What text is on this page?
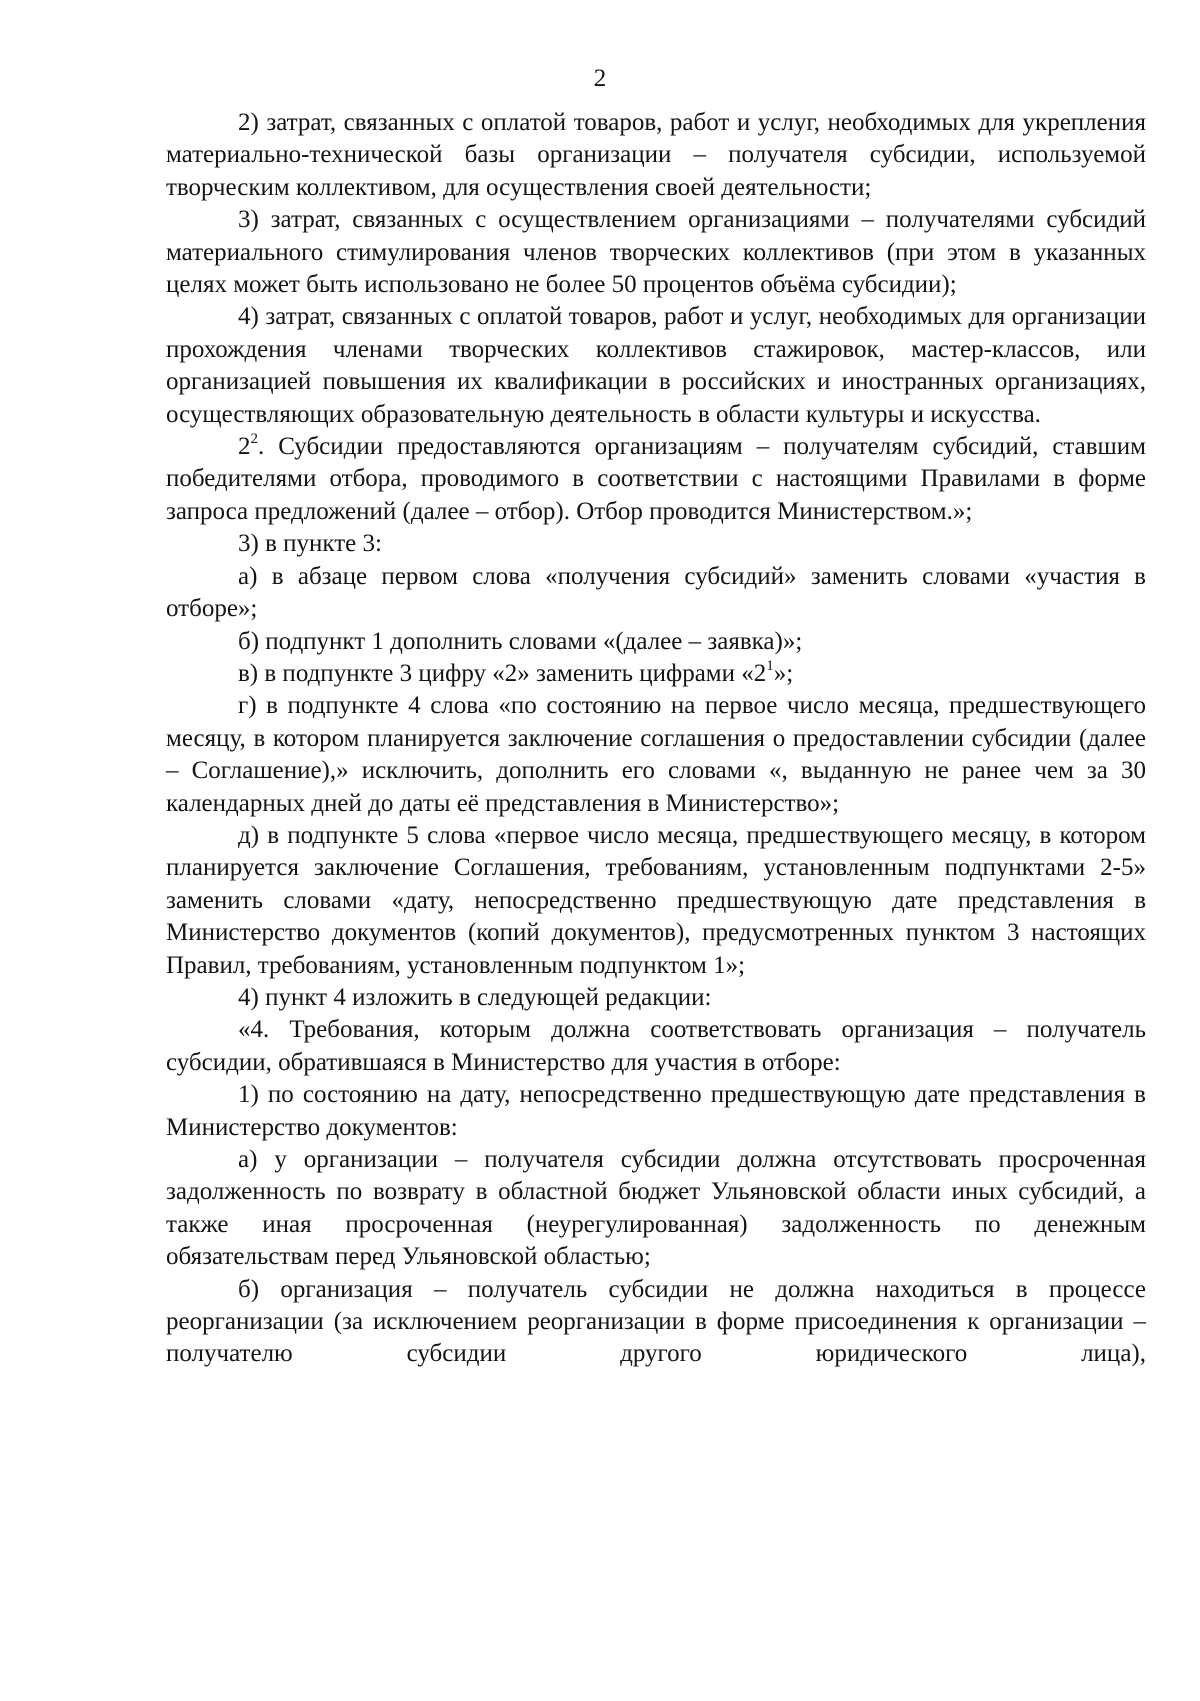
2

2) затрат, связанных с оплатой товаров, работ и услуг, необходимых для укрепления материально-технической базы организации – получателя субсидии, используемой творческим коллективом, для осуществления своей деятельности;

3) затрат, связанных с осуществлением организациями – получателями субсидий материального стимулирования членов творческих коллективов (при этом в указанных целях может быть использовано не более 50 процентов объёма субсидии);

4) затрат, связанных с оплатой товаров, работ и услуг, необходимых для организации прохождения членами творческих коллективов стажировок, мастер-классов, или организацией повышения их квалификации в российских и иностранных организациях, осуществляющих образовательную деятельность в области культуры и искусства.

$2^2$. Субсидии предоставляются организациям – получателям субсидий, ставшим победителями отбора, проводимого в соответствии с настоящими Правилами в форме запроса предложений (далее – отбор). Отбор проводится Министерством.»;

3) в пункте 3:

а) в абзаце первом слова «получения субсидий» заменить словами «участия в отборе»;

б) подпункт 1 дополнить словами «(далее – заявка)»;

в) в подпункте 3 цифру «2» заменить цифрами «$2^1$»;

г) в подпункте 4 слова «по состоянию на первое число месяца, предшествующего месяцу, в котором планируется заключение соглашения о предоставлении субсидии (далее – Соглашение),» исключить, дополнить его словами «, выданную не ранее чем за 30 календарных дней до даты её представления в Министерство»;

д) в подпункте 5 слова «первое число месяца, предшествующего месяцу, в котором планируется заключение Соглашения, требованиям, установленным подпунктами 2-5» заменить словами «дату, непосредственно предшествующую дате представления в Министерство документов (копий документов), предусмотренных пунктом 3 настоящих Правил, требованиям, установленным подпунктом 1»;

4) пункт 4 изложить в следующей редакции:

«4. Требования, которым должна соответствовать организация – получатель субсидии, обратившаяся в Министерство для участия в отборе:

1) по состоянию на дату, непосредственно предшествующую дате представления в Министерство документов:

а) у организации – получателя субсидии должна отсутствовать просроченная задолженность по возврату в областной бюджет Ульяновской области иных субсидий, а также иная просроченная (неурегулированная) задолженность по денежным обязательствам перед Ульяновской областью;

б) организация – получатель субсидии не должна находиться в процессе реорганизации (за исключением реорганизации в форме присоединения к организации – получателю субсидии другого юридического лица),
